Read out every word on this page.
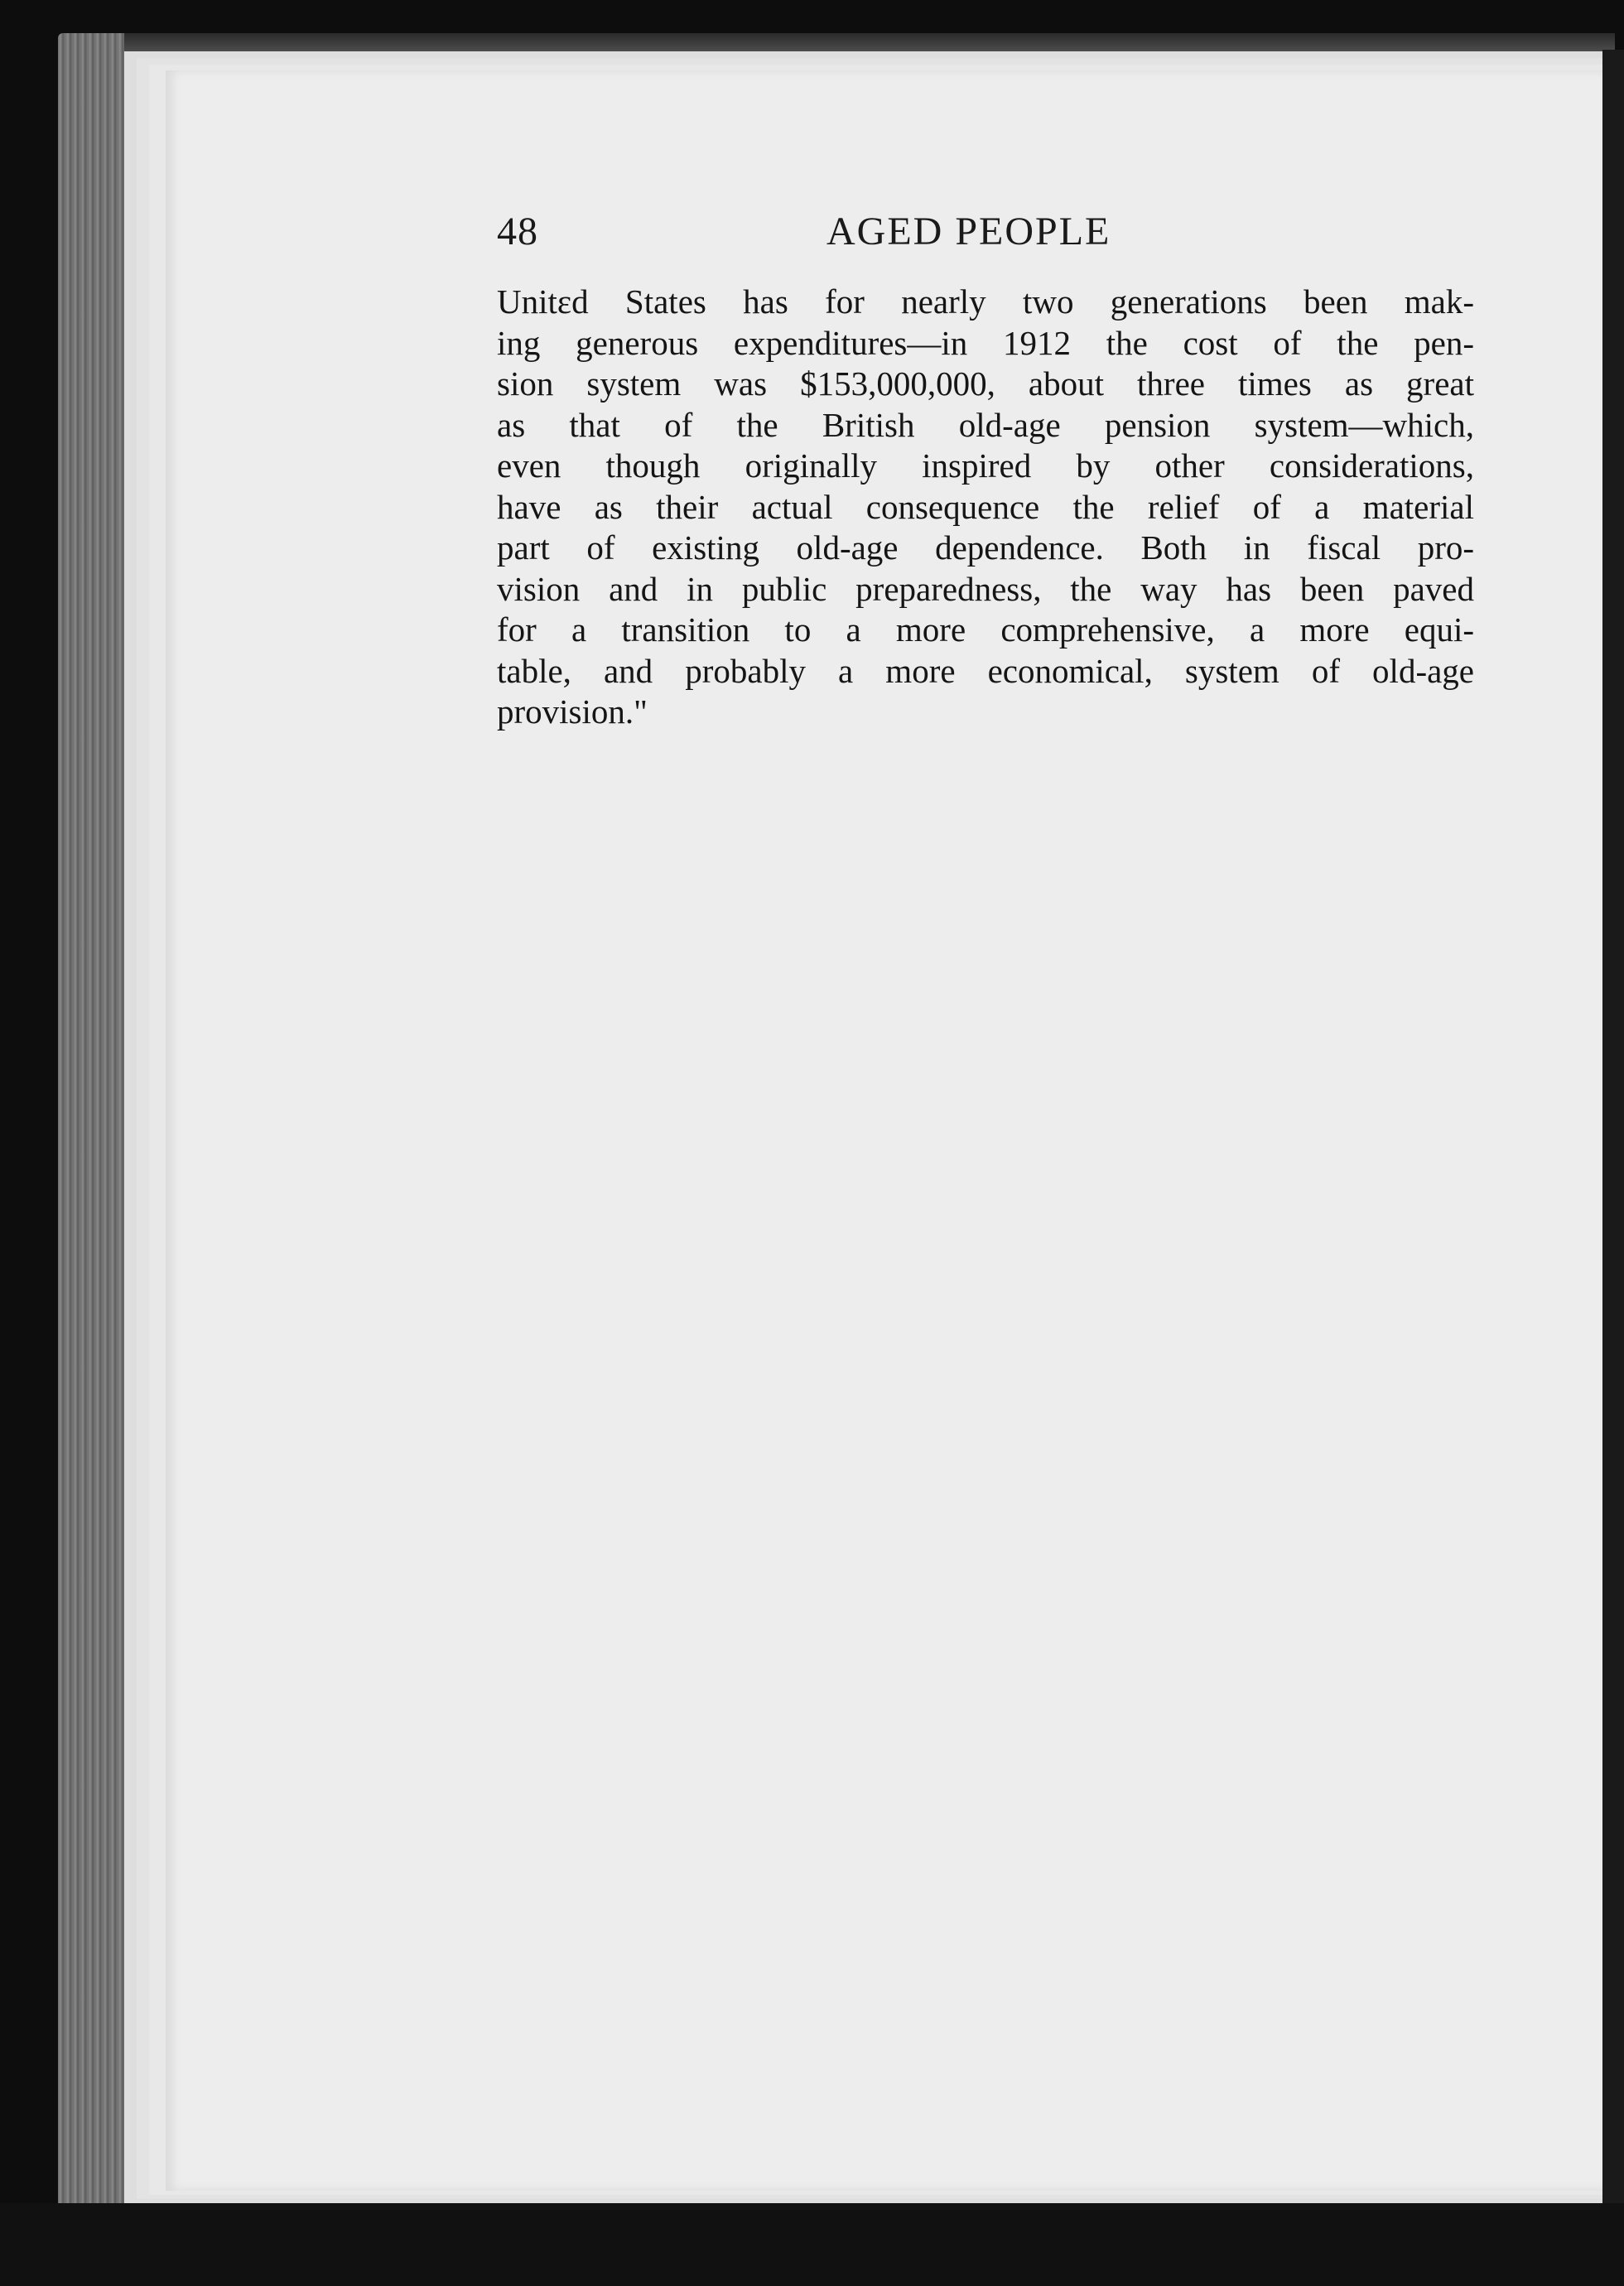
48	AGED PEOPLE
Unitɛd States has for nearly two generations been mak-
ing generous expenditures—in 1912 the cost of the pen-
sion system was $153,000,000, about three times as great
as that of the British old-age pension system—which,
even though originally inspired by other considerations,
have as their actual consequence the relief of a material
part of existing old-age dependence. Both in fiscal pro-
vision and in public preparedness, the way has been paved
for a transition to a more comprehensive, a more equi-
table, and probably a more economical, system of old-age
provision."
